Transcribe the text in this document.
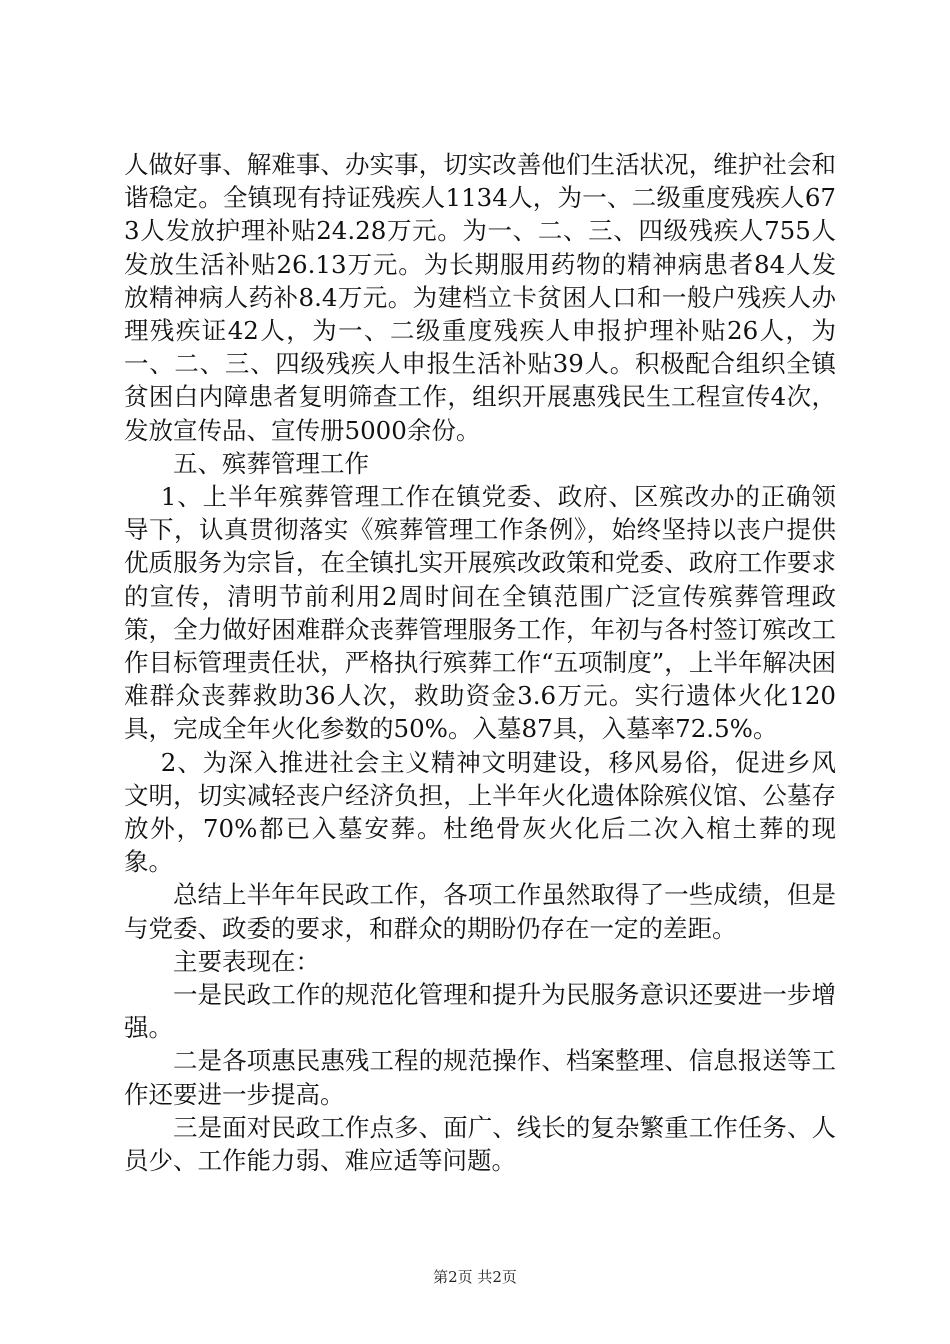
人做好事、解难事、办实事，切实改善他们生活状况，维护社会和谐稳定。全镇现有持证残疾人1134人，为一、二级重度残疾人673人发放护理补贴24.28万元。为一、二、三、四级残疾人755人发放生活补贴26.13万元。为长期服用药物的精神病患者84人发放精神病人药补8.4万元。为建档立卡贫困人口和一般户残疾人办理残疾证42人，为一、二级重度残疾人申报护理补贴26人，为一、二、三、四级残疾人申报生活补贴39人。积极配合组织全镇贫困白内障患者复明筛查工作，组织开展惠残民生工程宣传4次，发放宣传品、宣传册5000余份。

五、殡葬管理工作

1、上半年殡葬管理工作在镇党委、政府、区殡改办的正确领导下，认真贯彻落实《殡葬管理工作条例》，始终坚持以丧户提供优质服务为宗旨，在全镇扎实开展殡改政策和党委、政府工作要求的宣传，清明节前利用2周时间在全镇范围广泛宣传殡葬管理政策，全力做好困难群众丧葬管理服务工作，年初与各村签订殡改工作目标管理责任状，严格执行殡葬工作“五项制度”，上半年解决困难群众丧葬救助36人次，救助资金3.6万元。实行遗体火化120具，完成全年火化参数的50%。入墓87具，入墓率72.5%。

2、为深入推进社会主义精神文明建设，移风易俗，促进乡风文明，切实减轻丧户经济负担，上半年火化遗体除殡仪馆、公墓存放外，70%都已入墓安葬。杜绝骨灰火化后二次入棺土葬的现象。

总结上半年年民政工作，各项工作虽然取得了一些成绩，但是与党委、政委的要求，和群众的期盼仍存在一定的差距。

主要表现在：

一是民政工作的规范化管理和提升为民服务意识还要进一步增强。

二是各项惠民惠残工程的规范操作、档案整理、信息报送等工作还要进一步提高。

三是面对民政工作点多、面广、线长的复杂繁重工作任务、人员少、工作能力弱、难应适等问题。

第2页 共2页
